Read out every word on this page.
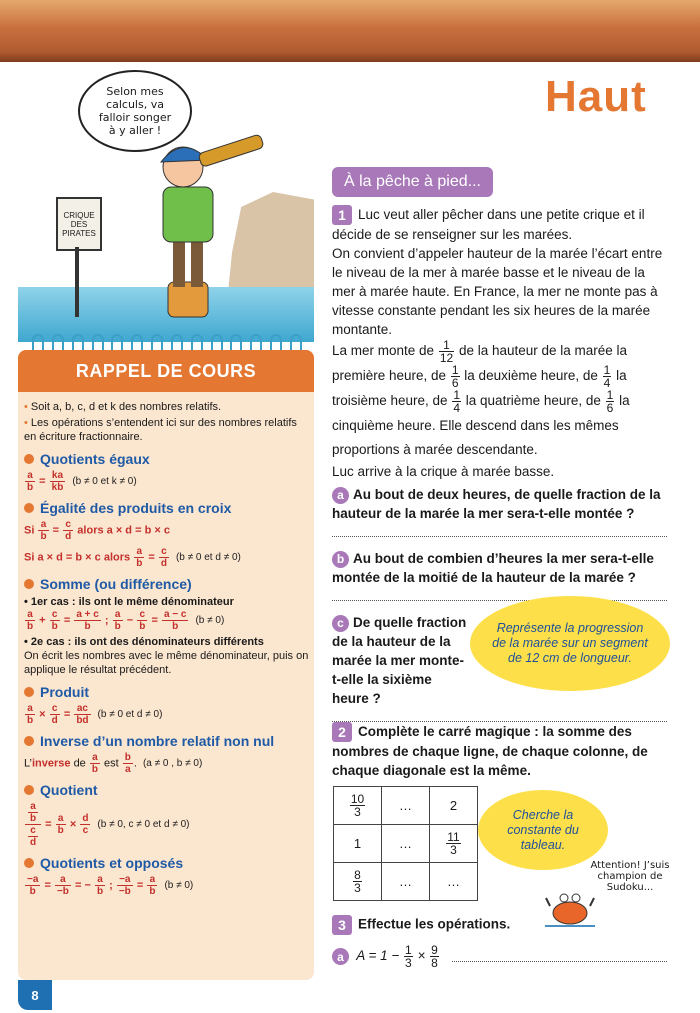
Selon mes calculs, va falloir songer à y aller !
CRIQUE DES PIRATES
RAPPEL DE COURS

• Soit a, b, c, d et k des nombres relatifs.

• Les opérations s’entendent ici sur des nombres relatifs en écriture fractionnaire.

Quotients égaux
$\frac{a}{b} = \frac{ka}{kb} (b \ne 0$ et k ≠ 0)
Égalité des produits en croix
Si $\frac{a}{b} = \frac{c}{d}$ alors a × d = b × c
Si a × d = b × c alors $\frac{a}{b} = \frac{c}{d} (b \ne 0$ et d ≠ 0)
Somme (ou différence)
• 1er cas : ils ont le même dénominateur
$\frac{a}{b} + \frac{c}{b} = \frac{a + c}{b}$ ; $\frac{a}{b} - \frac{c}{b} = \frac{a - c}{b} (b \ne 0)$
• 2e cas : ils ont des dénominateurs différents
On écrit les nombres avec le même dénominateur, puis on applique le résultat précédent.
Produit
$\frac{a}{b} \times \frac{c}{d} = \frac{ac}{bd} (b \ne 0$ et d ≠ 0)
Inverse d’un nombre relatif non nul
L’inverse de $\frac{a}{b}$ est $\frac{b}{a}$ . (a ≠ 0 , b ≠ 0)
Quotient
$\frac{\frac{a}{b}}{\frac{c}{d}} = \frac{a}{b} \times \frac{d}{c} (b \ne 0$, c ≠ 0 et d ≠ 0)
Quotients et opposés
$\frac{-a}{b} = \frac{a}{-b}$ = − $\frac{a}{b}$ ; $\frac{-a}{-b} = \frac{a}{b} (b \ne 0)$
8
Haut
À la pêche à pied...
1 Luc veut aller pêcher dans une petite crique et il décide de se renseigner sur les marées.
On convient d’appeler hauteur de la marée l’écart entre le niveau de la mer à marée basse et le niveau de la mer à marée haute. En France, la mer ne monte pas à vitesse constante pendant les six heures de la marée montante.
La mer monte de $\frac{1}{12}$ de la hauteur de la marée la première heure, de $\frac{1}{6}$ la deuxième heure, de $\frac{1}{4}$ la troisième heure, de $\frac{1}{4}$ la quatrième heure, de $\frac{1}{6}$ la cinquième heure. Elle descend dans les mêmes proportions à marée descendante.
Luc arrive à la crique à marée basse.
a Au bout de deux heures, de quelle fraction de la hauteur de la marée la mer sera-t-elle montée ?
b Au bout de combien d’heures la mer sera-t-elle montée de la moitié de la hauteur de la marée ?
c De quelle fraction de la hauteur de la marée la mer monte-t-elle la sixième heure ?
Représente la progression de la marée sur un segment de 12 cm de longueur.
2 Complète le carré magique : la somme des nombres de chaque ligne, de chaque colonne, de chaque diagonale est la même.
$\frac{10}{3}$	…	2
1	…	$\frac{11}{3}$

$\frac{8}{3}$	…	…
Cherche la constante du tableau.
Attention! J’suis champion de Sudoku...
3 Effectue les opérations.
a $A = 1 - \frac{1}{3} \times \frac{9}{8}$
